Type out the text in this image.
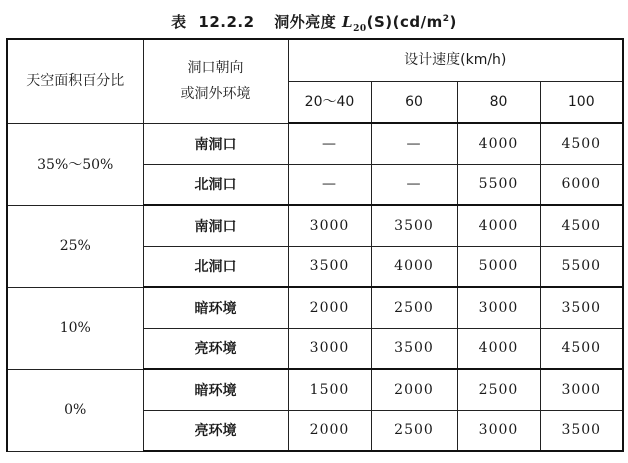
表 12.2.2 洞外亮度 $L_{20}(S)(cd/m^2)$
天空面积百分比	洞口朝向
或洞外环境	设计速度(km/h)			
		20～40	60	80	100
35%～50%	南洞口	—	—	4000	4500
	北洞口	—	—	5500	6000
25%	南洞口	3000	3500	4000	4500
	北洞口	3500	4000	5000	5500
10%	暗环境	2000	2500	3000	3500
	亮环境	3000	3500	4000	4500
0%	暗环境	1500	2000	2500	3000
	亮环境	2000	2500	3000	3500
